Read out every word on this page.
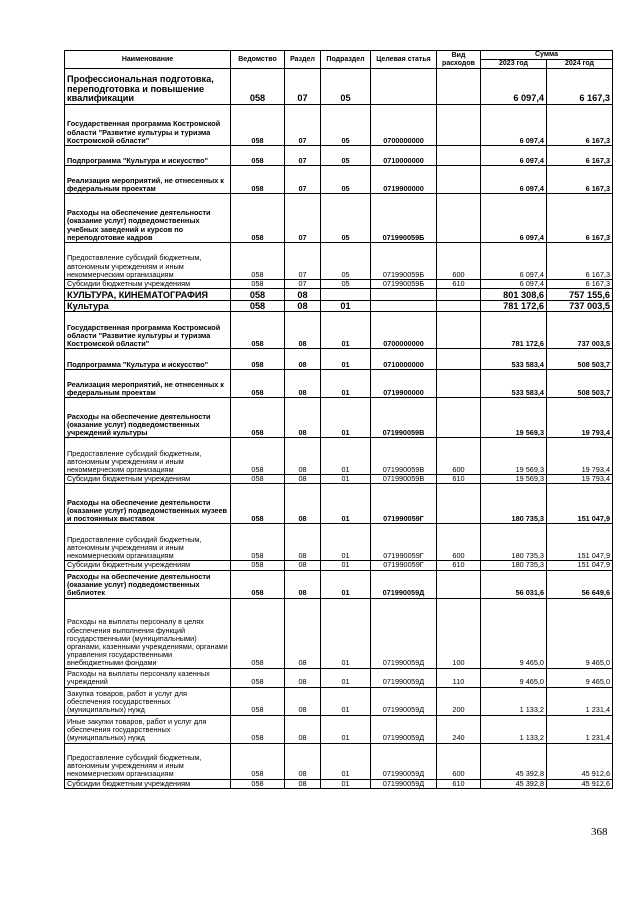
Наименование	Ведомство	Раздел	Подраздел	Целевая статья	Вид расходов	Сумма	
						2023 год	2024 год
Профессиональная подготовка, переподготовка и повышение квалификации	058	07	05			6 097,4	6 167,3
Государственная программа Костромской области "Развитие культуры и туризма Костромской области"	058	07	05	0700000000		6 097,4	6 167,3
Подпрограмма "Культура и искусство"	058	07	05	0710000000		6 097,4	6 167,3
Реализация мероприятий, не отнесенных к федеральным проектам	058	07	05	0719900000		6 097,4	6 167,3
Расходы на обеспечение деятельности (оказание услуг) подведомственных учебных заведений и курсов по переподготовке кадров	058	07	05	071990059Б		6 097,4	6 167,3
Предоставление субсидий бюджетным, автономным учреждениям и иным некоммерческим организациям	058	07	05	071990059Б	600	6 097,4	6 167,3
Субсидии бюджетным учреждениям	058	07	05	071990059Б	610	6 097,4	6 167,3
КУЛЬТУРА, КИНЕМАТОГРАФИЯ	058	08				801 308,6	757 155,6
Культура	058	08	01			781 172,6	737 003,5
Государственная программа Костромской области "Развитие культуры и туризма Костромской области"	058	08	01	0700000000		781 172,6	737 003,5
Подпрограмма "Культура и искусство"	058	08	01	0710000000		533 583,4	508 503,7
Реализация мероприятий, не отнесенных к федеральным проектам	058	08	01	0719900000		533 583,4	508 503,7
Расходы на обеспечение деятельности (оказание услуг) подведомственных учреждений культуры	058	08	01	071990059В		19 569,3	19 793,4
Предоставление субсидий бюджетным, автономным учреждениям и иным некоммерческим организациям	058	08	01	071990059В	600	19 569,3	19 793,4
Субсидии бюджетным учреждениям	058	08	01	071990059В	610	19 569,3	19 793,4
Расходы на обеспечение деятельности (оказание услуг) подведомственных музеев и постоянных выставок	058	08	01	071990059Г		180 735,3	151 047,9
Предоставление субсидий бюджетным, автономным учреждениям и иным некоммерческим организациям	058	08	01	071990059Г	600	180 735,3	151 047,9
Субсидии бюджетным учреждениям	058	08	01	071990059Г	610	180 735,3	151 047,9
Расходы на обеспечение деятельности (оказание услуг) подведомственных библиотек	058	08	01	071990059Д		56 031,6	56 649,6
Расходы на выплаты персоналу в целях обеспечения выполнения функций государственными (муниципальными) органами, казенными учреждениями, органами управления государственными внебюджетными фондами	058	08	01	071990059Д	100	9 465,0	9 465,0
Расходы на выплаты персоналу казенных учреждений	058	08	01	071990059Д	110	9 465,0	9 465,0
Закупка товаров, работ и услуг для обеспечения государственных (муниципальных) нужд	058	08	01	071990059Д	200	1 133,2	1 231,4
Иные закупки товаров, работ и услуг для обеспечения государственных (муниципальных) нужд	058	08	01	071990059Д	240	1 133,2	1 231,4
Предоставление субсидий бюджетным, автономным учреждениям и иным некоммерческим организациям	058	08	01	071990059Д	600	45 392,8	45 912,6
Субсидии бюджетным учреждениям	058	08	01	071990059Д	610	45 392,8	45 912,6
368
